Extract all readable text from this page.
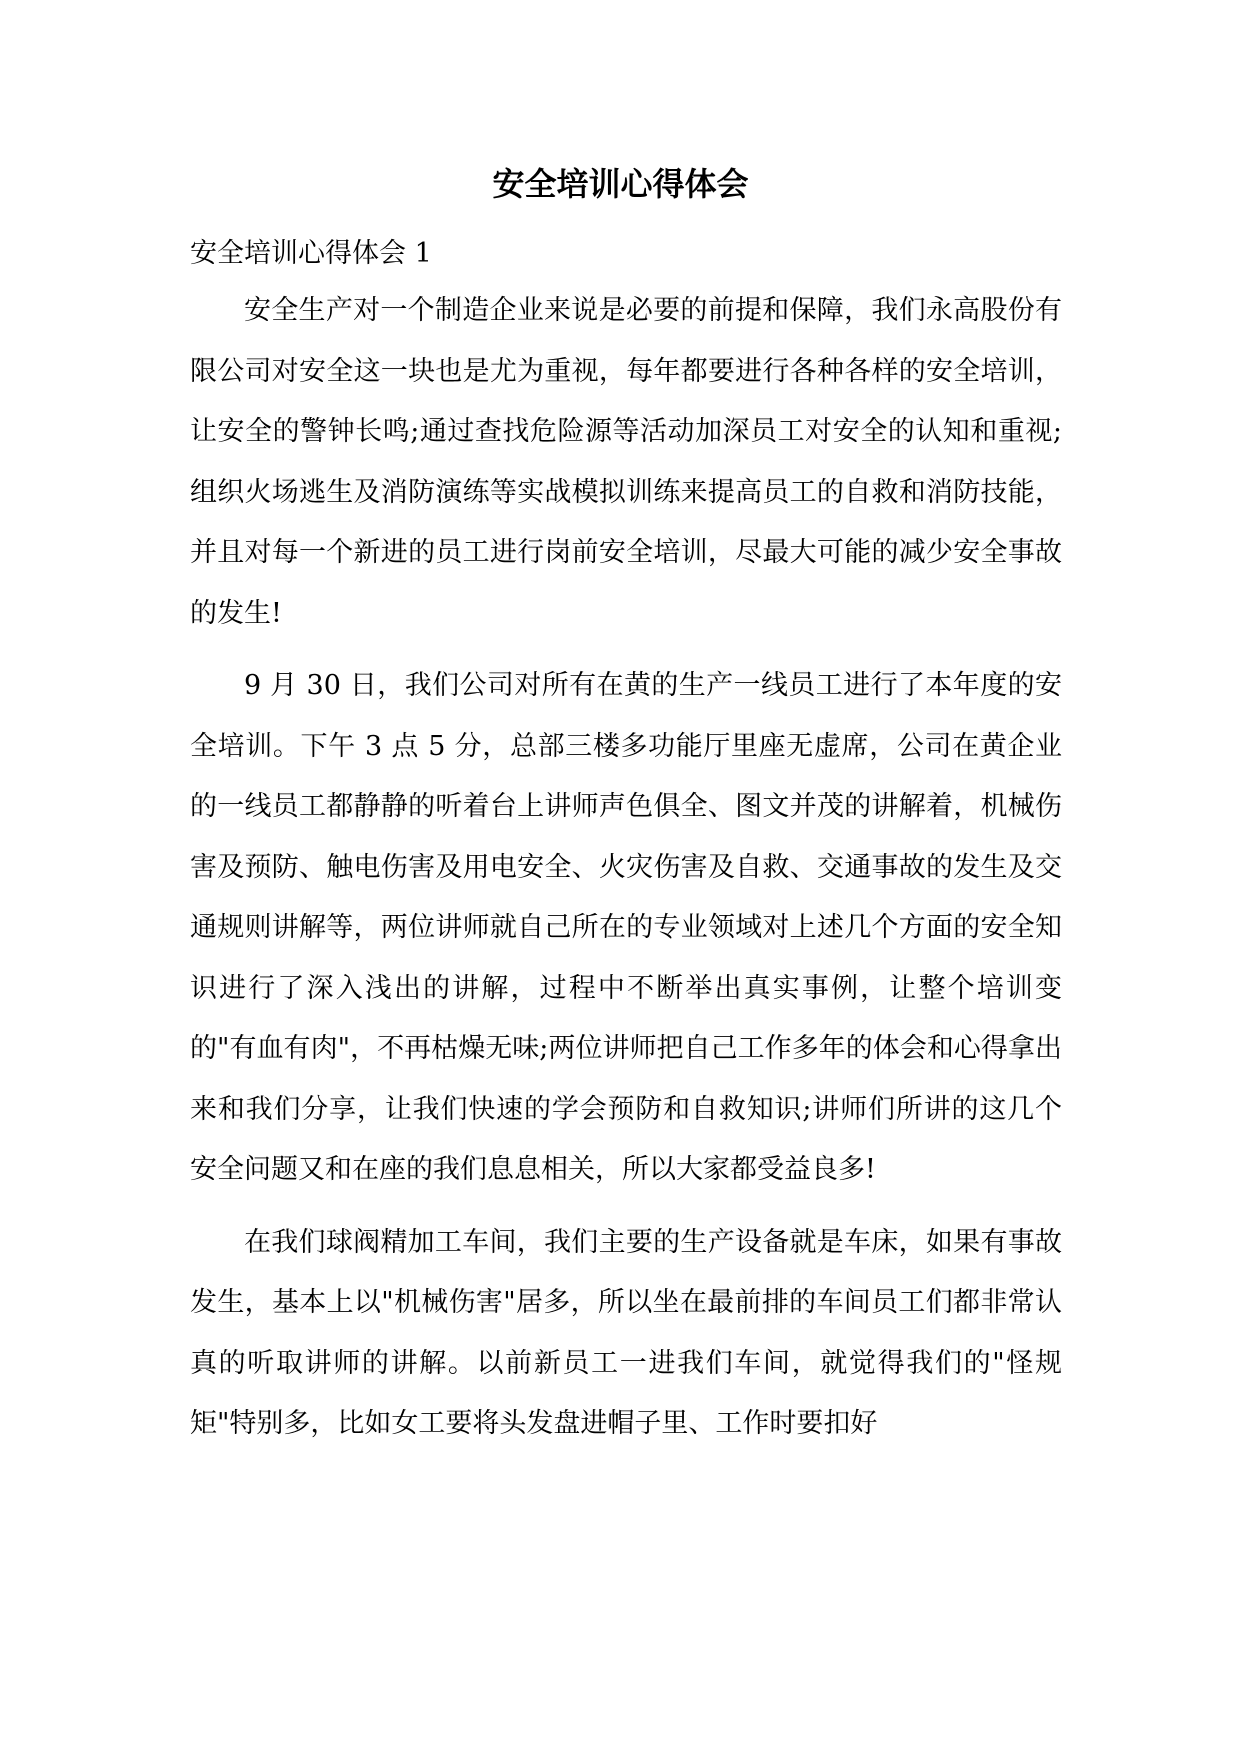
安全培训心得体会

安全培训心得体会 1

安全生产对一个制造企业来说是必要的前提和保障，我们永高股份有限公司对安全这一块也是尤为重视，每年都要进行各种各样的安全培训，让安全的警钟长鸣;通过查找危险源等活动加深员工对安全的认知和重视;组织火场逃生及消防演练等实战模拟训练来提高员工的自救和消防技能，并且对每一个新进的员工进行岗前安全培训，尽最大可能的减少安全事故的发生!

9 月 30 日，我们公司对所有在黄的生产一线员工进行了本年度的安全培训。下午 3 点 5 分，总部三楼多功能厅里座无虚席，公司在黄企业的一线员工都静静的听着台上讲师声色俱全、图文并茂的讲解着，机械伤害及预防、触电伤害及用电安全、火灾伤害及自救、交通事故的发生及交通规则讲解等，两位讲师就自己所在的专业领域对上述几个方面的安全知识进行了深入浅出的讲解，过程中不断举出真实事例，让整个培训变的"有血有肉"，不再枯燥无味;两位讲师把自己工作多年的体会和心得拿出来和我们分享，让我们快速的学会预防和自救知识;讲师们所讲的这几个安全问题又和在座的我们息息相关，所以大家都受益良多!

在我们球阀精加工车间，我们主要的生产设备就是车床，如果有事故发生，基本上以"机械伤害"居多，所以坐在最前排的车间员工们都非常认真的听取讲师的讲解。以前新员工一进我们车间，就觉得我们的"怪规矩"特别多，比如女工要将头发盘进帽子里、工作时要扣好
